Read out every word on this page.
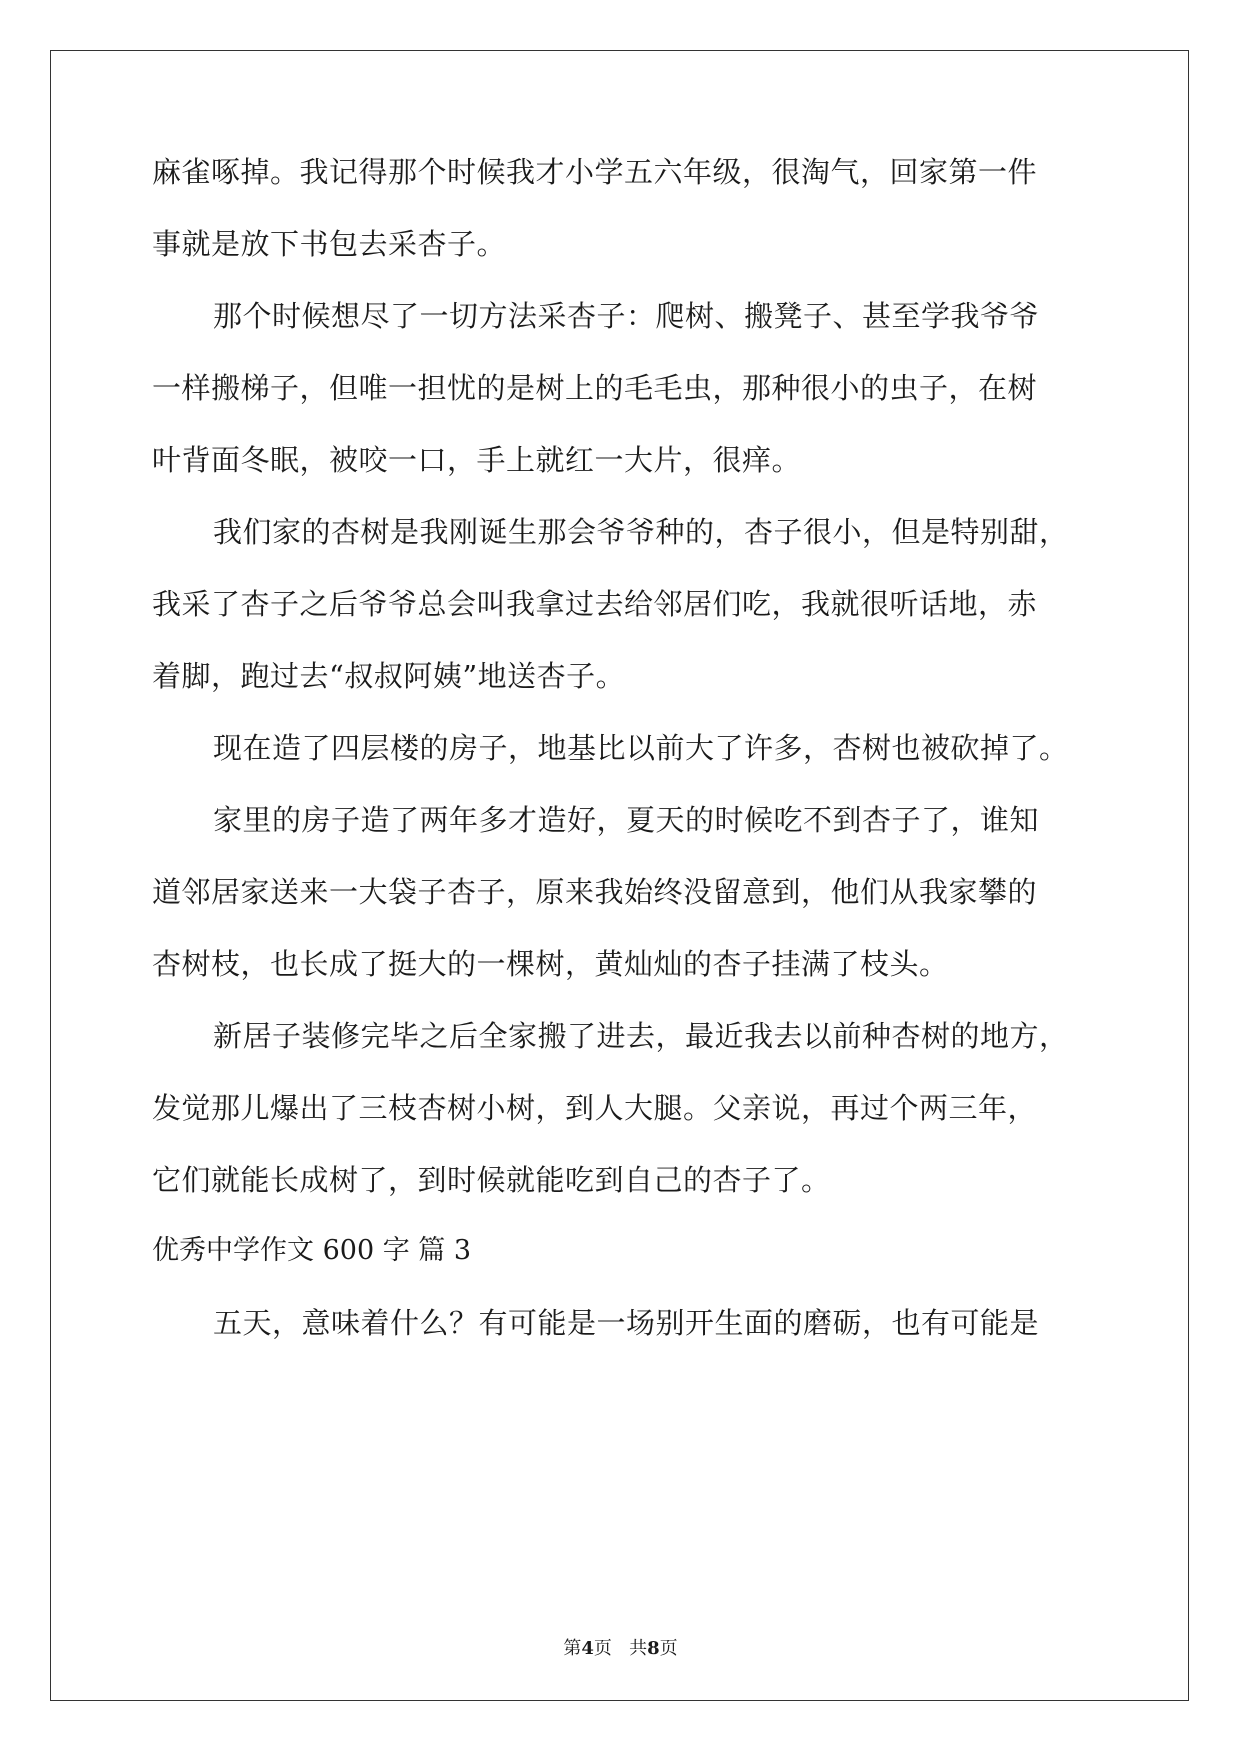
麻雀啄掉。我记得那个时候我才小学五六年级，很淘气，回家第一件
事就是放下书包去采杏子。
那个时候想尽了一切方法采杏子：爬树、搬凳子、甚至学我爷爷
一样搬梯子，但唯一担忧的是树上的毛毛虫，那种很小的虫子，在树
叶背面冬眠，被咬一口，手上就红一大片，很痒。
我们家的杏树是我刚诞生那会爷爷种的，杏子很小，但是特别甜，
我采了杏子之后爷爷总会叫我拿过去给邻居们吃，我就很听话地，赤
着脚，跑过去“叔叔阿姨”地送杏子。
现在造了四层楼的房子，地基比以前大了许多，杏树也被砍掉了。
家里的房子造了两年多才造好，夏天的时候吃不到杏子了，谁知
道邻居家送来一大袋子杏子，原来我始终没留意到，他们从我家攀的
杏树枝，也长成了挺大的一棵树，黄灿灿的杏子挂满了枝头。
新居子装修完毕之后全家搬了进去，最近我去以前种杏树的地方，
发觉那儿爆出了三枝杏树小树，到人大腿。父亲说，再过个两三年，
它们就能长成树了，到时候就能吃到自己的杏子了。
优秀中学作文 600 字 篇 3
五天，意味着什么？有可能是一场别开生面的磨砺，也有可能是
第4页 共8页
